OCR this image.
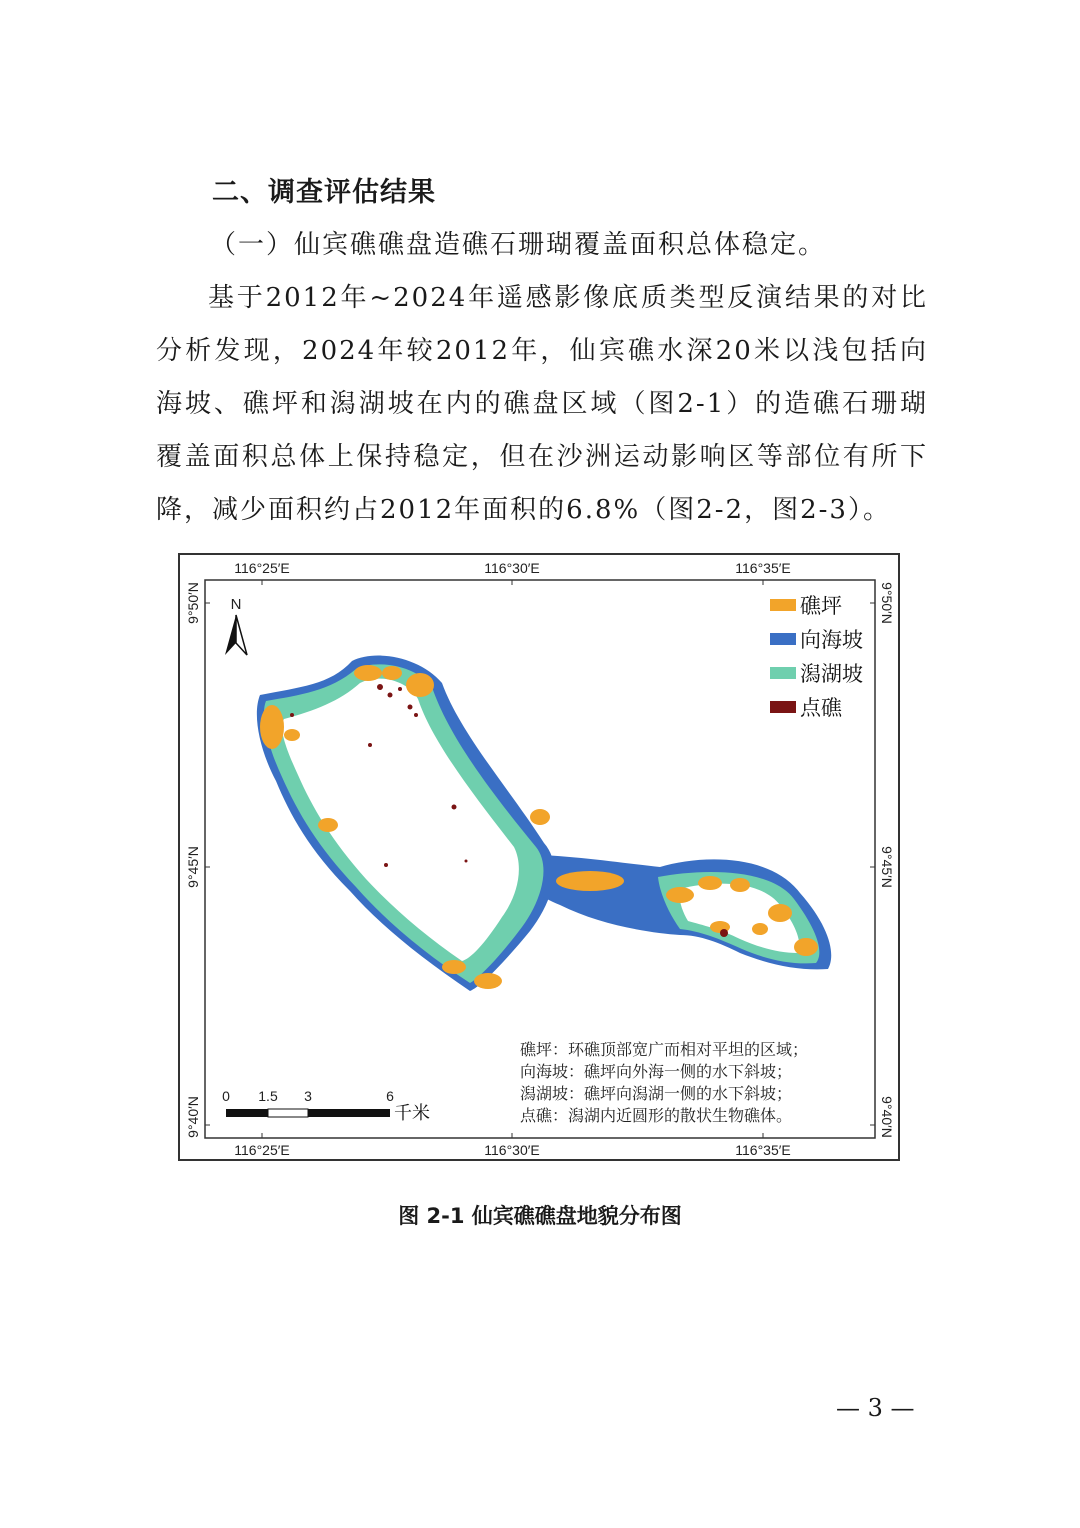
二、调查评估结果
（一）仙宾礁礁盘造礁石珊瑚覆盖面积总体稳定。
基于2012年~2024年遥感影像底质类型反演结果的对比分析发现，2024年较2012年，仙宾礁水深20米以浅包括向海坡、礁坪和潟湖坡在内的礁盘区域（图2-1）的造礁石珊瑚覆盖面积总体上保持稳定，但在沙洲运动影响区等部位有所下降，减少面积约占2012年面积的6.8%（图2-2，图2-3）。
116°25′E	116°30′E	116°35′E
116°25′E	116°30′E	116°35′E
9°50′N
9°45′N
9°40′N
9°50′N
9°45′N
9°40′N
N	礁坪
向海坡
潟湖坡
点礁
0 1.5 3	6
千米
礁坪：环礁顶部宽广而相对平坦的区域；
向海坡：礁坪向外海一侧的水下斜坡；
潟湖坡：礁坪向潟湖一侧的水下斜坡；
点礁：潟湖内近圆形的散状生物礁体。
图 2-1 仙宾礁礁盘地貌分布图
— 3 —
